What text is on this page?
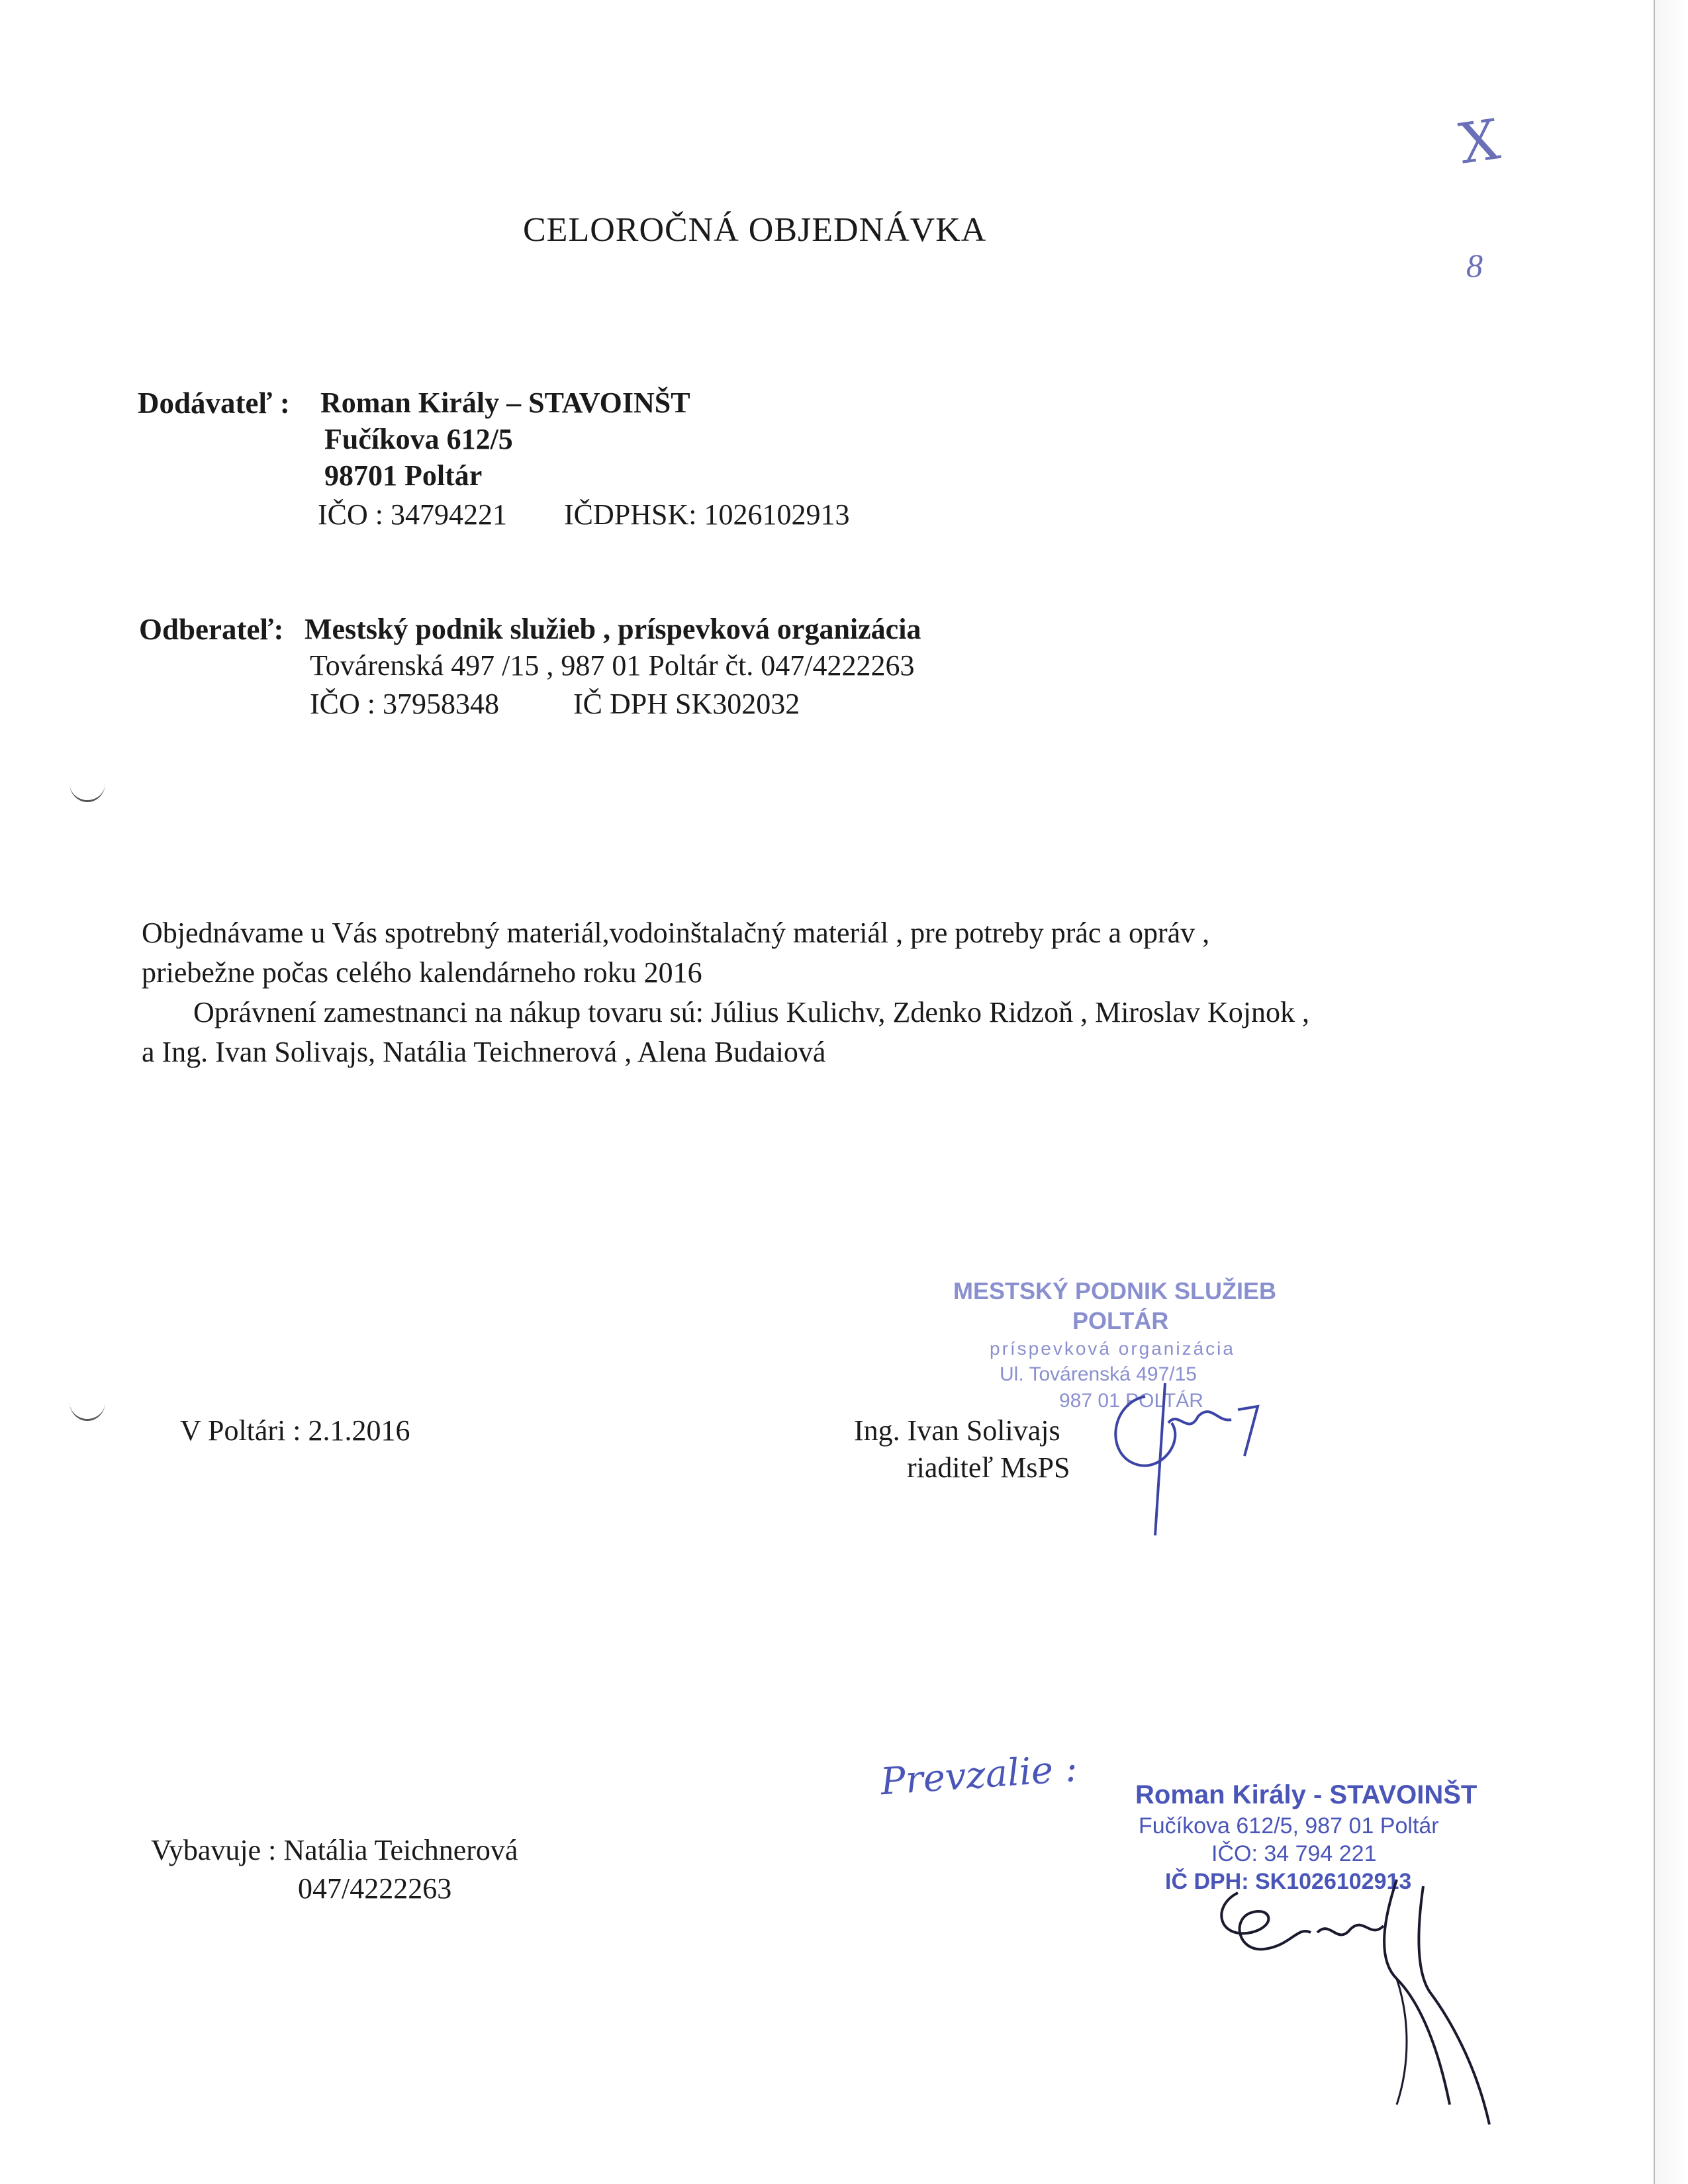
Ⅹ
8
CELOROČNÁ OBJEDNÁVKA
Dodávateľ : Roman Király – STAVOINŠT
Fučíkova 612/5
98701 Poltár
IČO : 34794221 IČDPHSK: 1026102913
Odberateľ: Mestský podnik služieb , príspevková organizácia
Továrenská 497 /15 , 987 01 Poltár čt. 047/4222263
IČO : 37958348	IČ DPH SK302032
Objednávame u Vás spotrebný materiál,vodoinštalačný materiál , pre potreby prác a opráv ,
priebežne počas celého kalendárneho roku 2016
Oprávnení zamestnanci na nákup tovaru sú: Július Kulichv, Zdenko Ridzoň , Miroslav Kojnok ,
a Ing. Ivan Solivajs, Natália Teichnerová , Alena Budaiová
MESTSKÝ PODNIK SLUŽIEB
POLTÁR
príspevková organizácia
Ul. Továrenská 497/15
987 01 POLTÁR
V Poltári : 2.1.2016	Ing. Ivan Solivajs
riaditeľ MsPS
Prevzalie : Roman Király - STAVOINŠT
Fučíkova 612/5, 987 01 Poltár
IČO: 34 794 221
IČ DPH: SK1026102913
Vybavuje : Natália Teichnerová
047/4222263
